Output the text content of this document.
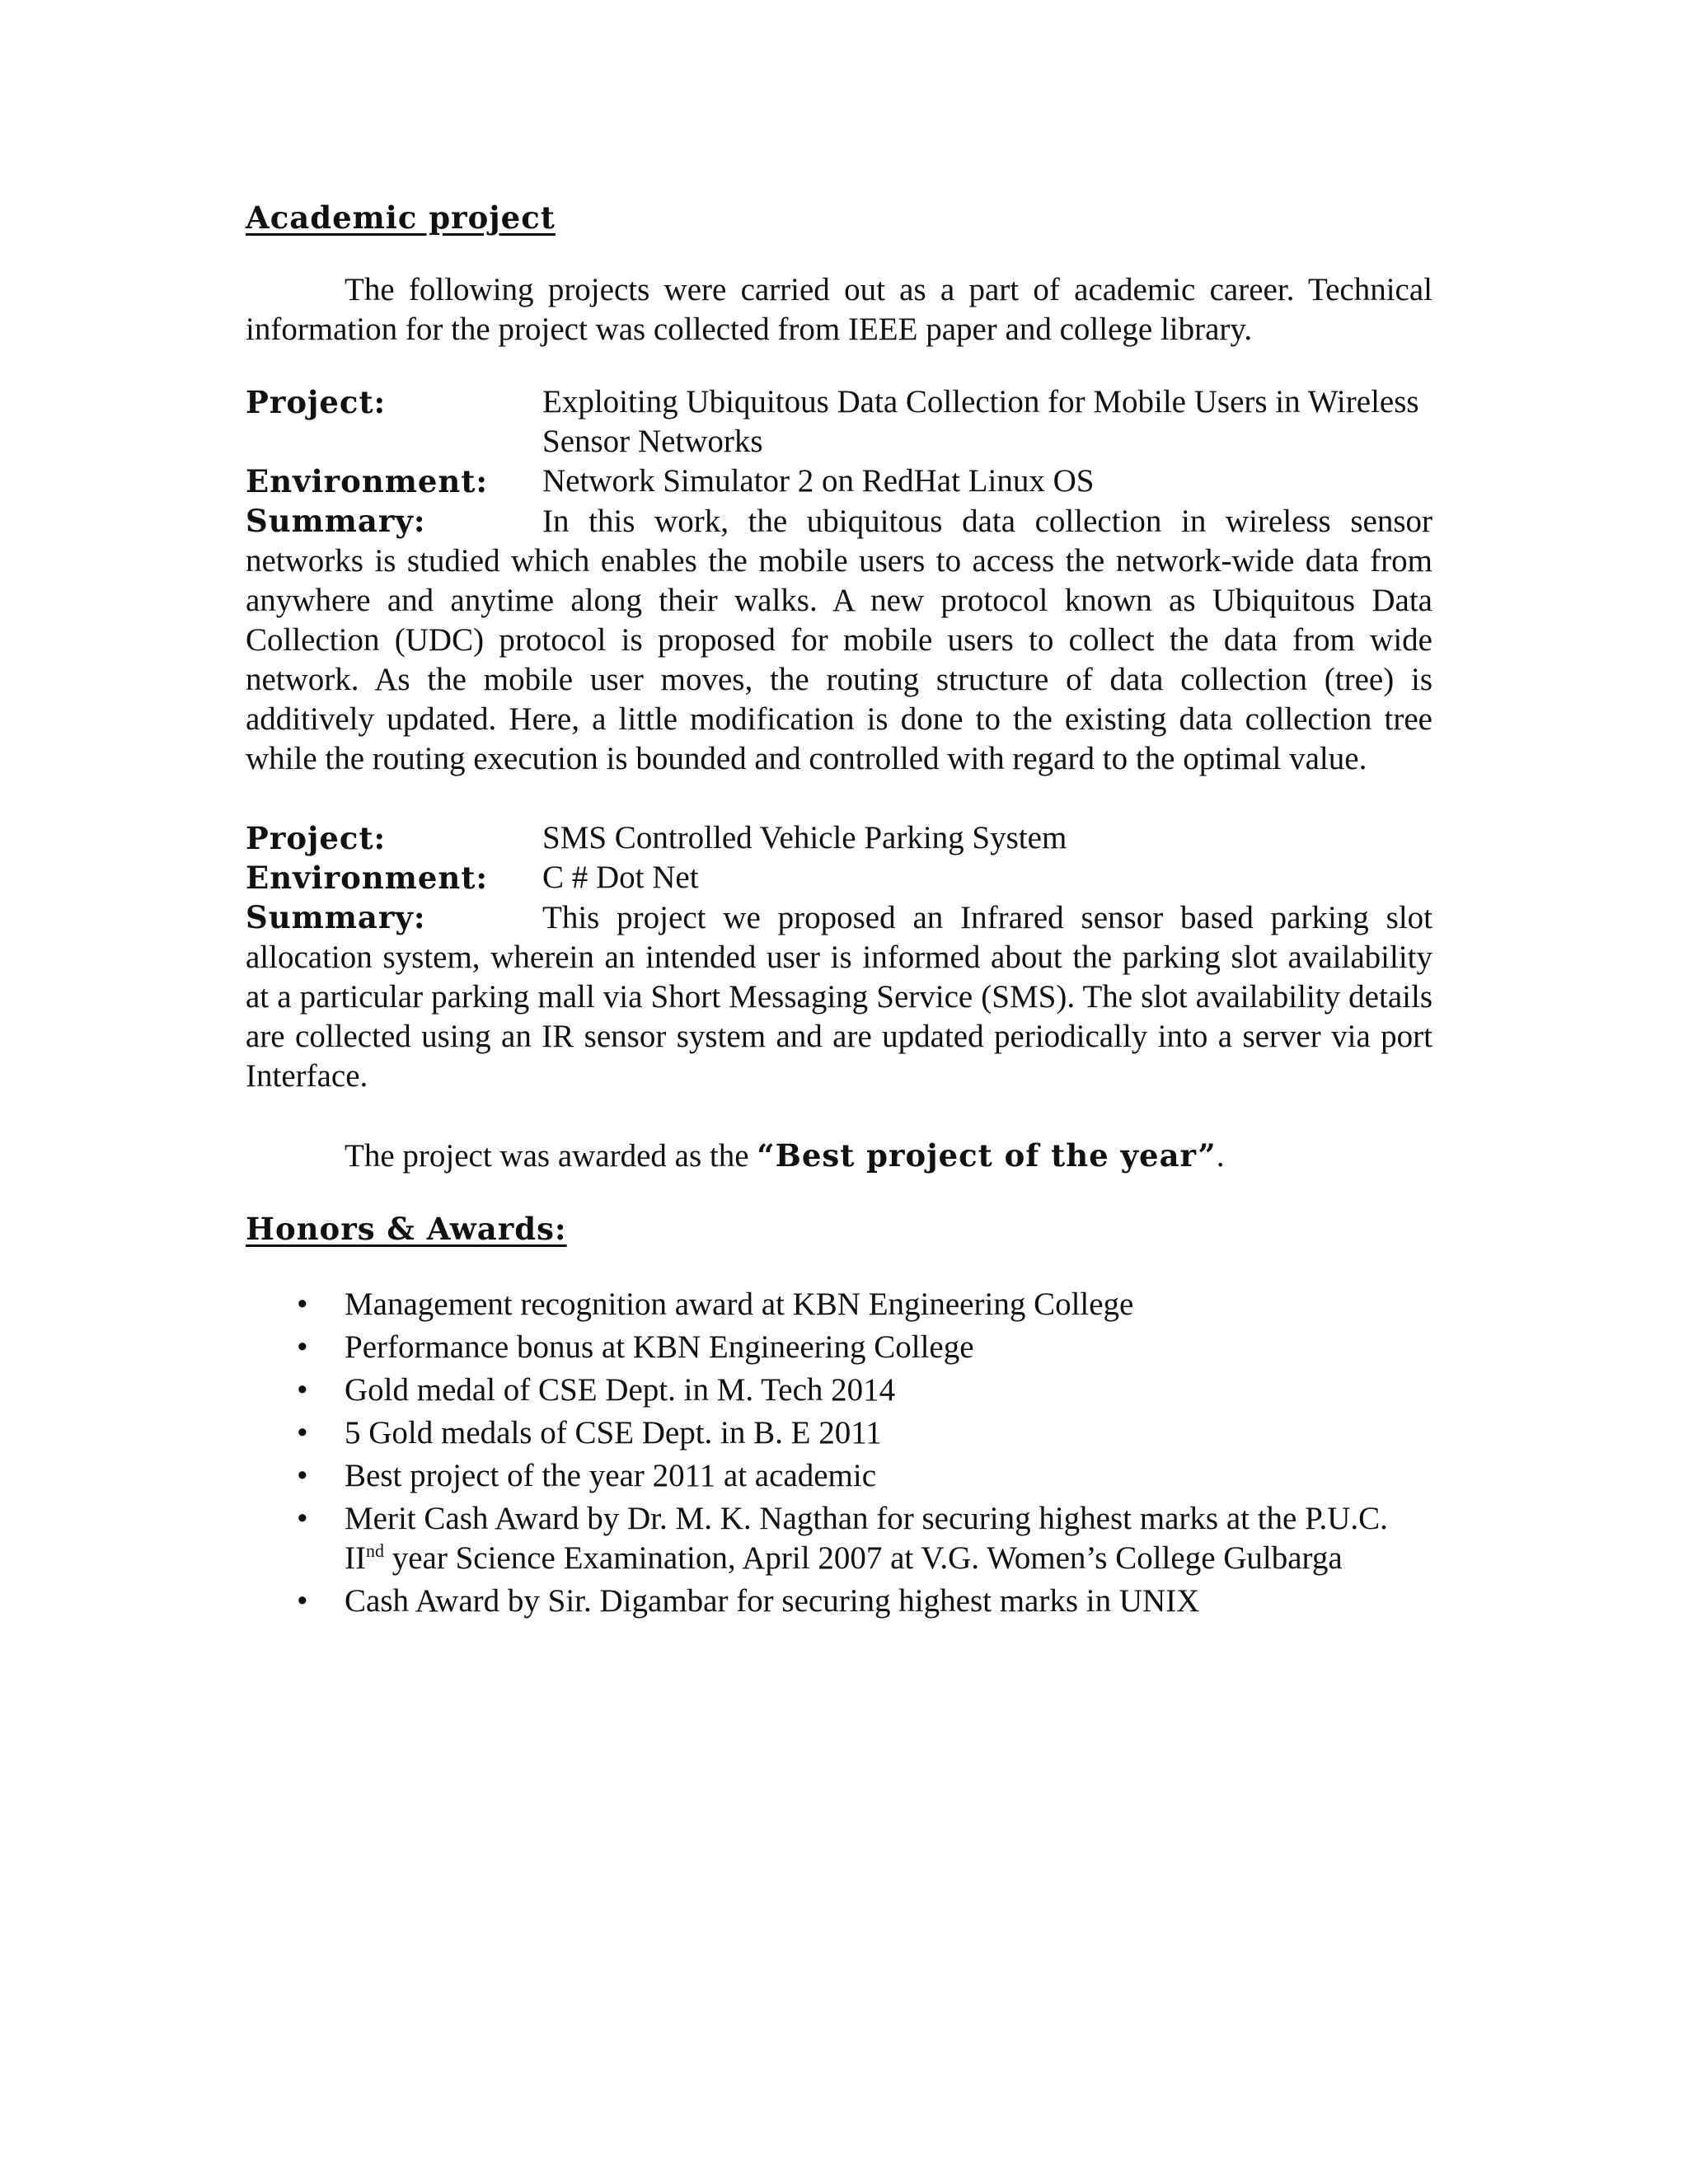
Academic project

The following projects were carried out as a part of academic career. Technical information for the project was collected from IEEE paper and college library.

Project:	Exploiting Ubiquitous Data Collection for Mobile Users in Wireless Sensor Networks
Environment:	Network Simulator 2 on RedHat Linux OS

Summary:	In this work, the ubiquitous data collection in wireless sensor networks is studied which enables the mobile users to access the network-wide data from anywhere and anytime along their walks. A new protocol known as Ubiquitous Data Collection (UDC) protocol is proposed for mobile users to collect the data from wide network. As the mobile user moves, the routing structure of data collection (tree) is additively updated. Here, a little modification is done to the existing data collection tree while the routing execution is bounded and controlled with regard to the optimal value.

Project:	SMS Controlled Vehicle Parking System
Environment:	C # Dot Net

Summary:	This project we proposed an Infrared sensor based parking slot allocation system, wherein an intended user is informed about the parking slot availability at a particular parking mall via Short Messaging Service (SMS). The slot availability details are collected using an IR sensor system and are updated periodically into a server via port Interface.

The project was awarded as the “Best project of the year”.

Honors & Awards:
• Management recognition award at KBN Engineering College
• Performance bonus at KBN Engineering College
• Gold medal of CSE Dept. in M. Tech 2014
• 5 Gold medals of CSE Dept. in B. E 2011
• Best project of the year 2011 at academic
• Merit Cash Award by Dr. M. K. Nagthan for securing highest marks at the P.U.C. IInd year Science Examination, April 2007 at V.G. Women’s College Gulbarga
• Cash Award by Sir. Digambar for securing highest marks in UNIX
